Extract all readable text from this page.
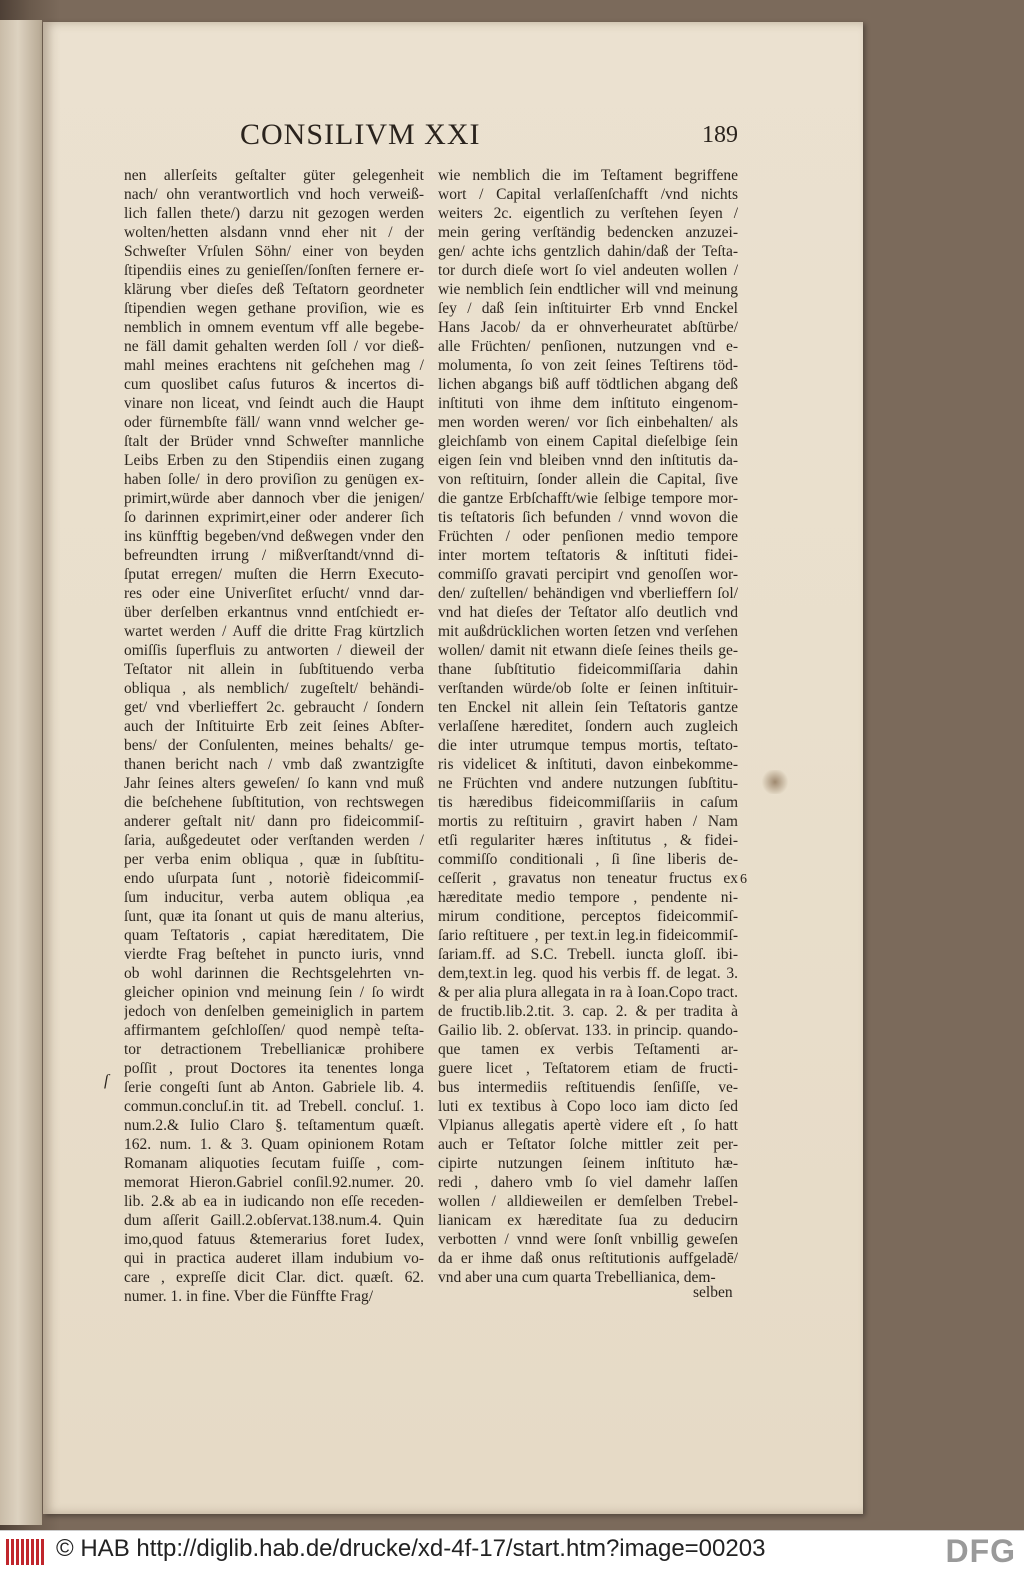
CONSILIVM XXI	189
nen allerſeits geſtalter güter gelegenheit
nach/ ohn verantwortlich vnd hoch verweiß-
lich fallen thete/) darzu nit gezogen werden
wolten/hetten alsdann vnnd eher nit / der
Schweſter Vrſulen Söhn/ einer von beyden
ſtipendiis eines zu genieſſen/ſonſten fernere er-
klärung vber dieſes deß Teſtatorn geordneter
ſtipendien wegen gethane proviſion, wie es
nemblich in omnem eventum vff alle begebe-
ne fäll damit gehalten werden ſoll / vor dieß-
mahl meines erachtens nit geſchehen mag /
cum quoslibet caſus futuros & incertos di-
vinare non liceat, vnd ſeindt auch die Haupt
oder fürnembſte fäll/ wann vnnd welcher ge-
ſtalt der Brüder vnnd Schweſter mannliche
Leibs Erben zu den Stipendiis einen zugang
haben ſolle/ in dero proviſion zu genügen ex-
primirt,würde aber dannoch vber die jenigen/
ſo darinnen exprimirt,einer oder anderer ſich
ins künfftig begeben/vnd deßwegen vnder den
befreundten irrung / mißverſtandt/vnnd di-
ſputat erregen/ muſten die Herrn Executo-
res oder eine Univerſitet erſucht/ vnnd dar-
über derſelben erkantnus vnnd entſchiedt er-
wartet werden / Auff die dritte Frag kürtzlich
omiſſis ſuperfluis zu antworten / dieweil der
Teſtator nit allein in ſubſtituendo verba
obliqua , als nemblich/ zugeſtelt/ behändi-
get/ vnd vberlieffert 2c. gebraucht / ſondern
auch der Inſtituirte Erb zeit ſeines Abſter-
bens/ der Conſulenten, meines behalts/ ge-
thanen bericht nach / vmb daß zwantzigſte
Jahr ſeines alters geweſen/ ſo kann vnd muß
die beſchehene ſubſtitution, von rechtswegen
anderer geſtalt nit/ dann pro fideicommiſ-
ſaria, außgedeutet oder verſtanden werden /
per verba enim obliqua , quæ in ſubſtitu-
endo uſurpata ſunt , notoriè fideicommiſ-
ſum inducitur, verba autem obliqua ,ea
ſunt, quæ ita ſonant ut quis de manu alterius,
quam Teſtatoris , capiat hæreditatem, Die
vierdte Frag beſtehet in puncto iuris, vnnd
ob wohl darinnen die Rechtsgelehrten vn-
gleicher opinion vnd meinung ſein / ſo wirdt
jedoch von denſelben gemeiniglich in partem
affirmantem geſchloſſen/ quod nempè teſta-
tor detractionem Trebellianicæ prohibere
poſſit , prout Doctores ita tenentes longa
ſerie congeſti ſunt ab Anton. Gabriele lib. 4.
commun.concluſ.in tit. ad Trebell. concluſ. 1.
num.2.& Iulio Claro §. teſtamentum quæſt.
162. num. 1. & 3. Quam opinionem Rotam
Romanam aliquoties ſecutam fuiſſe , com-
memorat Hieron.Gabriel conſil.92.numer. 20.
lib. 2.& ab ea in iudicando non eſſe receden-
dum aſſerit Gaill.2.obſervat.138.num.4. Quin
imo,quod fatuus &temerarius foret Iudex,
qui in practica auderet illam indubium vo-
care , expreſſe dicit Clar. dict. quæſt. 62.
numer. 1. in fine. Vber die Fünffte Frag/
wie nemblich die im Teſtament begriffene
wort / Capital verlaſſenſchafft /vnd nichts
weiters 2c. eigentlich zu verſtehen ſeyen /
mein gering verſtändig bedencken anzuzei-
gen/ achte ichs gentzlich dahin/daß der Teſta-
tor durch dieſe wort ſo viel andeuten wollen /
wie nemblich ſein endtlicher will vnd meinung
ſey / daß ſein inſtituirter Erb vnnd Enckel
Hans Jacob/ da er ohnverheuratet abſtürbe/
alle Früchten/ penſionen, nutzungen vnd e-
molumenta, ſo von zeit ſeines Teſtirens töd-
lichen abgangs biß auff tödtlichen abgang deß
inſtituti von ihme dem inſtituto eingenom-
men worden weren/ vor ſich einbehalten/ als
gleichſamb von einem Capital dieſelbige ſein
eigen ſein vnd bleiben vnnd den inſtitutis da-
von reſtituirn, ſonder allein die Capital, ſive
die gantze Erbſchafft/wie ſelbige tempore mor-
tis teſtatoris ſich befunden / vnnd wovon die
Früchten / oder penſionen medio tempore
inter mortem teſtatoris & inſtituti fidei-
commiſſo gravati percipirt vnd genoſſen wor-
den/ zuſtellen/ behändigen vnd vberlieffern ſol/
vnd hat dieſes der Teſtator alſo deutlich vnd
mit außdrücklichen worten ſetzen vnd verſehen
wollen/ damit nit etwann dieſe ſeines theils ge-
thane ſubſtitutio fideicommiſſaria dahin
verſtanden würde/ob ſolte er ſeinen inſtituir-
ten Enckel nit allein ſein Teſtatoris gantze
verlaſſene hæreditet, ſondern auch zugleich
die inter utrumque tempus mortis, teſtato-
ris videlicet & inſtituti, davon einbekomme-
ne Früchten vnd andere nutzungen ſubſtitu-
tis hæredibus fideicommiſſariis in caſum
mortis zu reſtituirn , gravirt haben / Nam
etſi regulariter hæres inſtitutus , & fidei-
commiſſo conditionali , ſi ſine liberis de-
ceſſerit , gravatus non teneatur fructus ex
hæreditate medio tempore , pendente ni-
mirum conditione, perceptos fideicommiſ-
ſario reſtituere , per text.in leg.in fideicommiſ-
ſariam.ff. ad S.C. Trebell. iuncta gloſſ. ibi-
dem,text.in leg. quod his verbis ff. de legat. 3.
& per alia plura allegata in ra à Ioan.Copo tract.
de fructib.lib.2.tit. 3. cap. 2. & per tradita à
Gailio lib. 2. obſervat. 133. in princip. quando-
que tamen ex verbis Teſtamenti ar-
guere licet , Teſtatorem etiam de fructi-
bus intermediis reſtituendis ſenſiſſe, ve-
luti ex textibus à Copo loco iam dicto ſed
Vlpianus allegatis apertè videre eſt , ſo hatt
auch er Teſtator ſolche mittler zeit per-
cipirte nutzungen ſeinem inſtituto hæ-
redi , dahero vmb ſo viel damehr laſſen
wollen / alldieweilen er demſelben Trebel-
lianicam ex hæreditate ſua zu deducirn
verbotten / vnnd were ſonſt vnbillig geweſen
da er ihme daß onus reſtitutionis auffgeladē/
vnd aber una cum quarta Trebellianica, dem-
ſ
6
selben
© HAB http://diglib.hab.de/drucke/xd-4f-17/start.htm?image=00203	DFG
